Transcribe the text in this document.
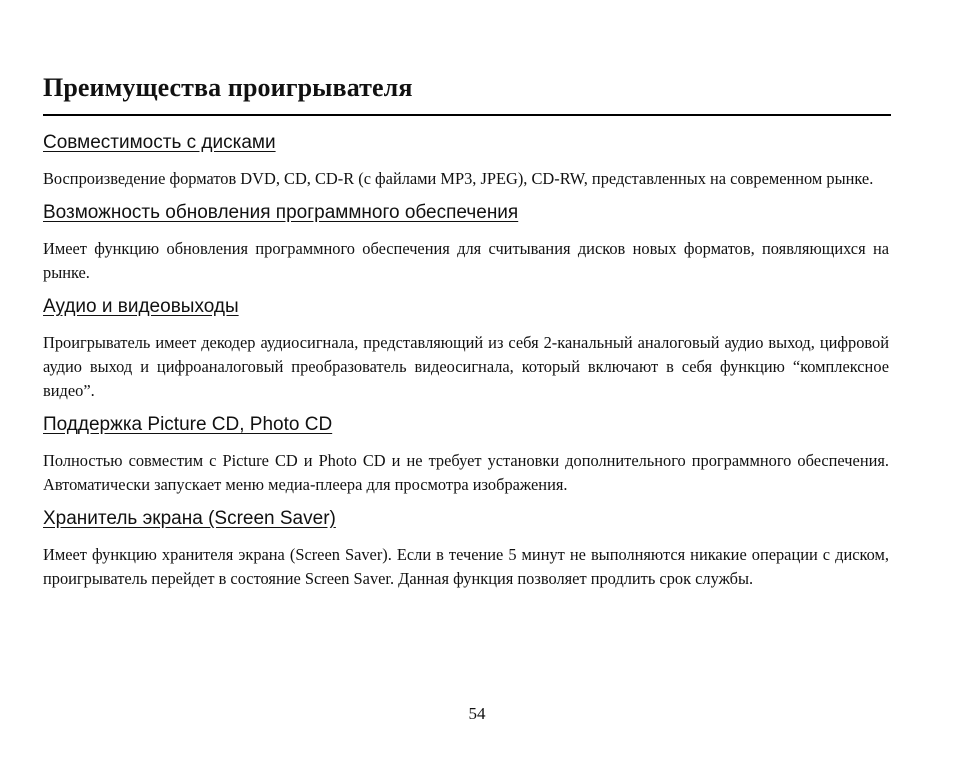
Преимущества проигрывателя
Совместимость с дисками

Воспроизведение форматов DVD, CD, CD-R (с файлами MP3, JPEG), CD-RW, представленных на современном рынке.

Возможность обновления программного обеспечения

Имеет функцию обновления программного обеспечения для считывания дисков новых форматов, появляющихся на рынке.

Аудио и видеовыходы

Проигрыватель имеет декодер аудиосигнала, представляющий из себя 2-канальный аналоговый аудио выход, цифровой аудио выход и цифроаналоговый преобразователь видеосигнала, который включают в себя функцию “комплексное видео”.

Поддержка Picture CD, Photo CD

Полностью совместим с Picture CD и Photo CD и не требует установки дополнительного программного обеспечения. Автоматически запускает меню медиа-плеера для просмотра изображения.

Хранитель экрана (Screen Saver)

Имеет функцию хранителя экрана (Screen Saver). Если в течение 5 минут не выполняются никакие операции с диском, проигрыватель перейдет в состояние Screen Saver. Данная функция позволяет продлить срок службы.

54
